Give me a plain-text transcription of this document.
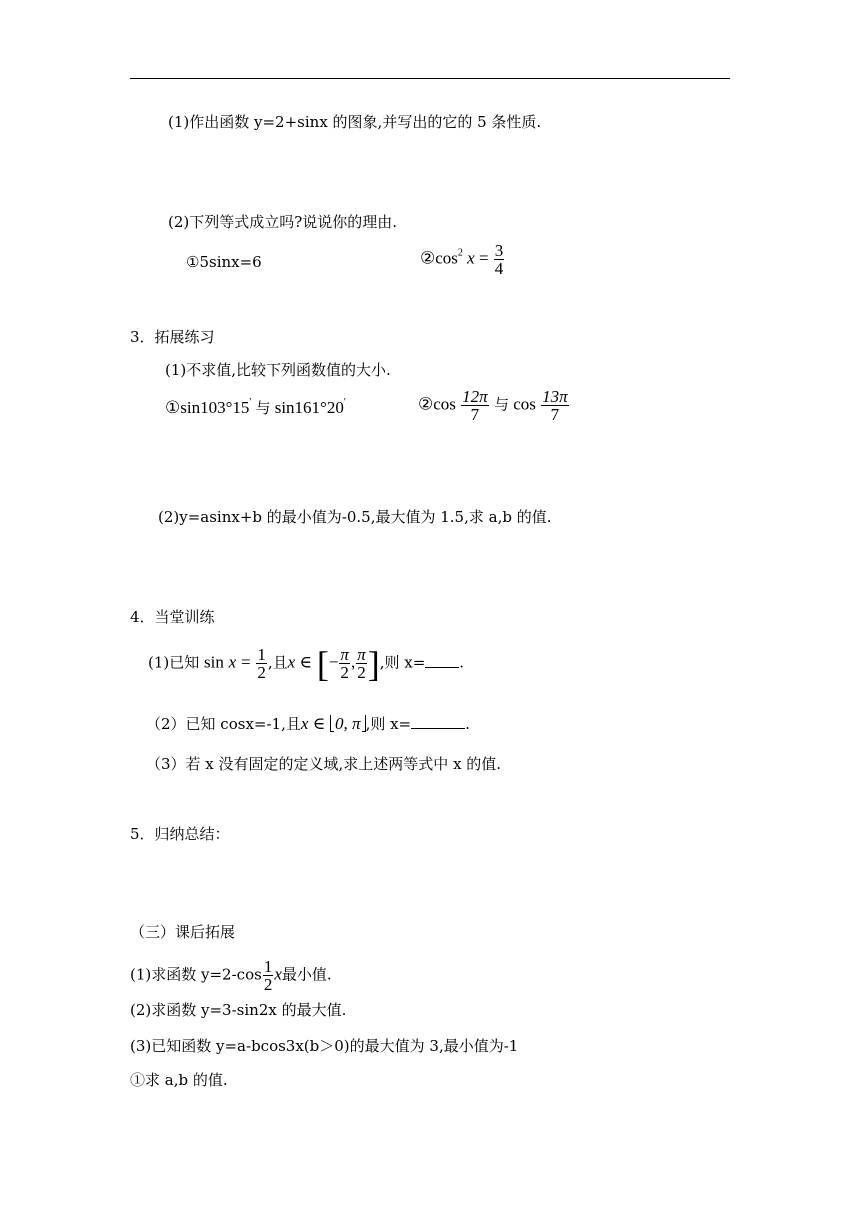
(1)作出函数 y=2+sinx 的图象,并写出的它的 5 条性质.
(2)下列等式成立吗?说说你的理由.
①5sinx=6	$②\cos^2$ $x = \frac{3}{4}$
3．拓展练习
(1)不求值,比较下列函数值的大小.
①sin103°15' 与 sin161°20'	②cos $\frac{12\pi}{7}$ 与 $\cos \frac{13\pi}{7}$
(2)y=asinx+b 的最小值为-0.5,最大值为 1.5,求 a,b 的值.
4．当堂训练
(1)已知 $\sin x = \frac{1}{2}$ ,且x ∈ [− $\frac{\pi}{2}$ , $\frac{\pi}{2}$ ],则 x= .
（2）已知 cosx=-1,且x ∈ 0, π ,则 x=	.
（3）若 x 没有固定的定义域,求上述两等式中 x 的值.
5．归纳总结：
（三）课后拓展
(1)求函数 $y=2-\cos \frac{1}{2}$ x最小值.
(2)求函数 y=3-sin2x 的最大值.
(3)已知函数 y=a-bcos3x(b＞0)的最大值为 3,最小值为-1
①求 a,b 的值.
